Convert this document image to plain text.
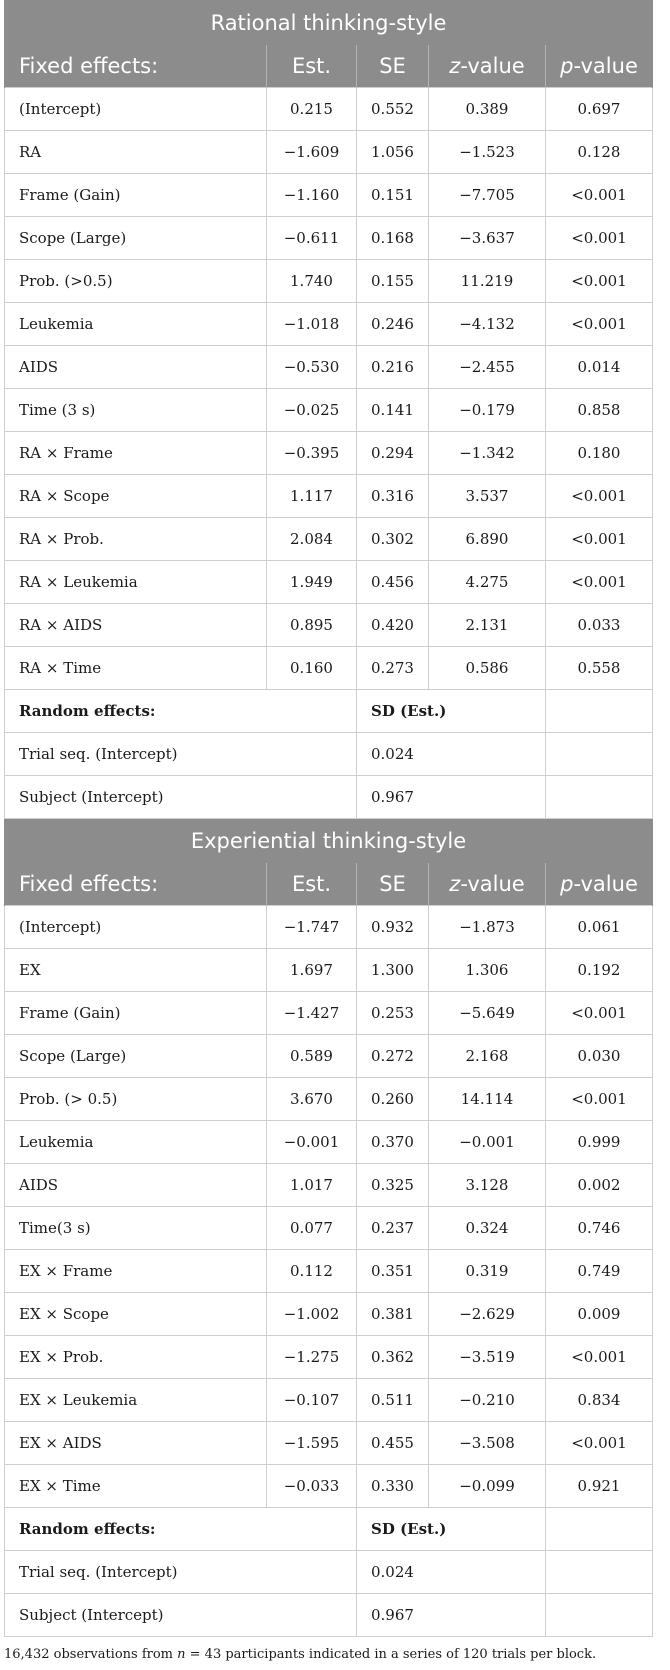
Rational thinking-style				
Fixed effects:	Est.	SE	z-value	p-value
(Intercept)	0.215	0.552	0.389	0.697
RA	−1.609	1.056	−1.523	0.128
Frame (Gain)	−1.160	0.151	−7.705	<0.001
Scope (Large)	−0.611	0.168	−3.637	<0.001
Prob. (>0.5)	1.740	0.155	11.219	<0.001
Leukemia	−1.018	0.246	−4.132	<0.001
AIDS	−0.530	0.216	−2.455	0.014
Time (3 s)	−0.025	0.141	−0.179	0.858
RA × Frame	−0.395	0.294	−1.342	0.180
RA × Scope	1.117	0.316	3.537	<0.001
RA × Prob.	2.084	0.302	6.890	<0.001
RA × Leukemia	1.949	0.456	4.275	<0.001
RA × AIDS	0.895	0.420	2.131	0.033
RA × Time	0.160	0.273	0.586	0.558
Random effects:		SD (Est.)		
Trial seq. (Intercept)		0.024		
Subject (Intercept)		0.967		
Experiential thinking-style				
Fixed effects:	Est.	SE	z-value	p-value
(Intercept)	−1.747	0.932	−1.873	0.061
EX	1.697	1.300	1.306	0.192
Frame (Gain)	−1.427	0.253	−5.649	<0.001
Scope (Large)	0.589	0.272	2.168	0.030
Prob. (> 0.5)	3.670	0.260	14.114	<0.001
Leukemia	−0.001	0.370	−0.001	0.999
AIDS	1.017	0.325	3.128	0.002
Time(3 s)	0.077	0.237	0.324	0.746
EX × Frame	0.112	0.351	0.319	0.749
EX × Scope	−1.002	0.381	−2.629	0.009
EX × Prob.	−1.275	0.362	−3.519	<0.001
EX × Leukemia	−0.107	0.511	−0.210	0.834
EX × AIDS	−1.595	0.455	−3.508	<0.001
EX × Time	−0.033	0.330	−0.099	0.921
Random effects:		SD (Est.)		
Trial seq. (Intercept)		0.024		
Subject (Intercept)		0.967		
16,432 observations from n = 43 participants indicated in a series of 120 trials per block.
